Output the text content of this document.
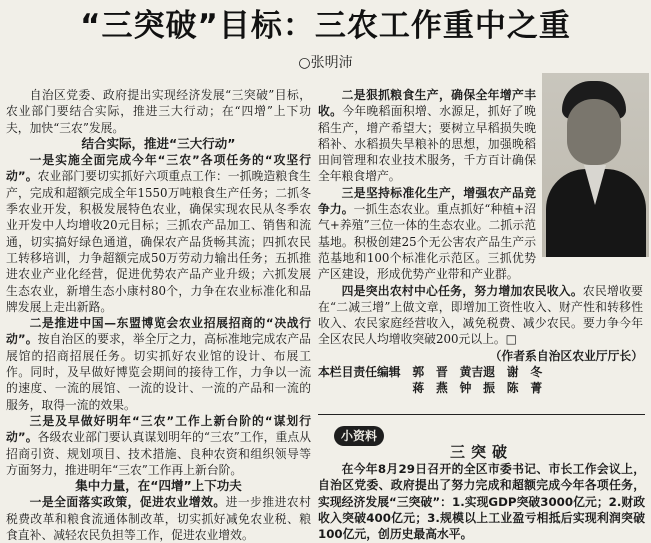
“三突破”目标：三农工作重中之重
○张明沛

自治区党委、政府提出实现经济发展“三突破”目标，农业部门要结合实际，推进三大行动；在“四增”上下功夫，加快“三农”发展。

结合实际，推进“三大行动”

一是实施全面完成今年“三农”各项任务的“攻坚行动”。农业部门要切实抓好六项重点工作：一抓晚造粮食生产，完成和超额完成全年1550万吨粮食生产任务；二抓冬季农业开发，积极发展特色农业，确保实现农民从冬季农业开发中人均增收20元目标；三抓农产品加工、销售和流通，切实搞好绿色通道，确保农产品货畅其流；四抓农民工转移培训，力争超额完成50万劳动力输出任务；五抓推进农业产业化经营，促进优势农产品产业升级；六抓发展生态农业，新增生态小康村80个，力争在农业标准化和品牌发展上走出新路。

二是推进中国—东盟博览会农业招展招商的“决战行动”。按自治区的要求，举全厅之力，高标准地完成农产品展馆的招商招展任务。切实抓好农业馆的设计、布展工作。同时，及早做好博览会期间的接待工作，力争以一流的速度、一流的展馆、一流的设计、一流的产品和一流的服务，取得一流的效果。

三是及早做好明年“三农”工作上新台阶的“谋划行动”。各级农业部门要认真谋划明年的“三农”工作，重点从招商引资、规划项目、技术措施、良种农资和组织领导等方面努力，推进明年“三农”工作再上新台阶。

集中力量，在“四增”上下功夫

一是全面落实政策，促进农业增效。进一步推进农村税费改革和粮食流通体制改革，切实抓好减免农业税、粮食直补、减轻农民负担等工作，促进农业增效。

二是狠抓粮食生产，确保全年增产丰收。今年晚稻面积增、水源足，抓好了晚稻生产，增产希望大；要树立早稻损失晚稻补、水稻损失旱粮补的思想，加强晚稻田间管理和农业技术服务，千方百计确保全年粮食增产。

三是坚持标准化生产，增强农产品竞争力。一抓生态农业。重点抓好“种植+沼气+养殖”三位一体的生态农业。二抓示范基地。积极创建25个无公害农产品生产示范基地和100个标准化示范区。三抓优势产区建设，形成优势产业带和产业群。

四是突出农村中心任务，努力增加农民收入。农民增收要在“二减三增”上做文章，即增加工资性收入、财产性和转移性收入、农民家庭经营收入，减免税费、减少农民。要力争今年全区农民人均增收突破200元以上。□

（作者系自治区农业厅厅长）

本栏目责任编辑　郭　晋　黄吉遐　谢　冬
　　　　　　　　蒋　燕　钟　振　陈　菁

小资料
三突破

在今年8月29日召开的全区市委书记、市长工作会议上，自治区党委、政府提出了努力完成和超额完成今年各项任务，实现经济发展“三突破”：1.实现GDP突破3000亿元；2.财政收入突破400亿元；3.规模以上工业盈亏相抵后实现利润突破100亿元，创历史最高水平。
